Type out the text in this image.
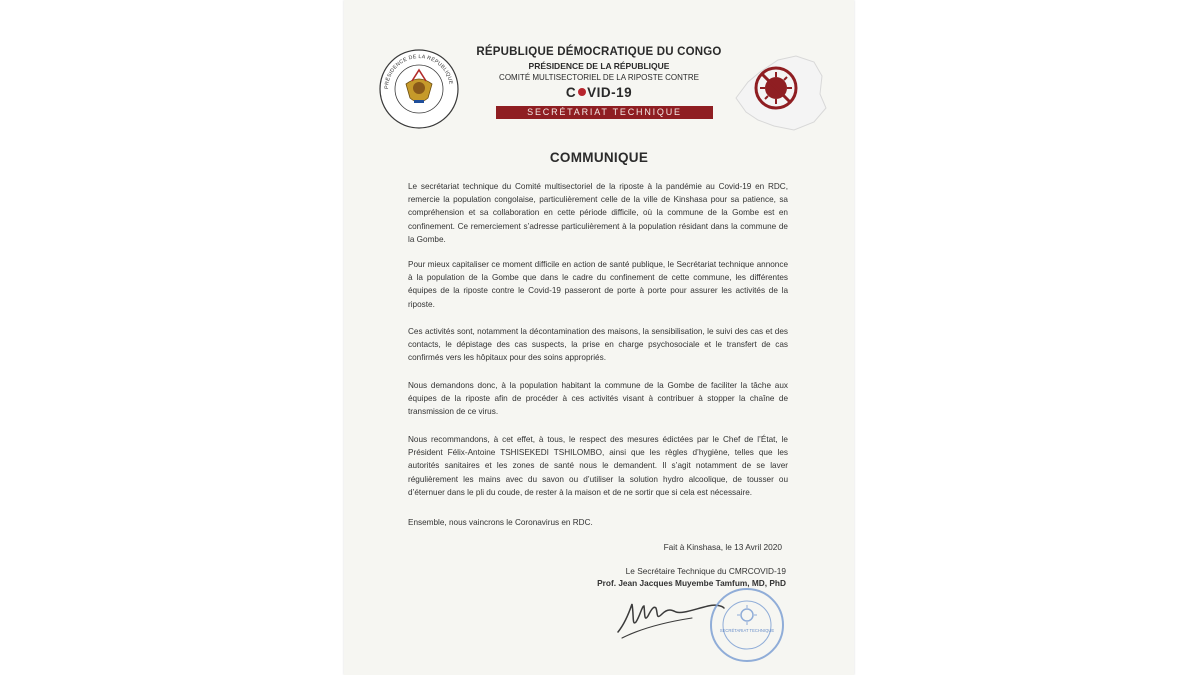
RÉPUBLIQUE DÉMOCRATIQUE DU CONGO
PRÉSIDENCE DE LA RÉPUBLIQUE
COMITÉ MULTISECTORIEL DE LA RIPOSTE CONTRE
C VID-19
SECRÉTARIAT TECHNIQUE
PRÉSIDENCE DE LA RÉPUBLIQUE
COMMUNIQUE
Le secrétariat technique du Comité multisectoriel de la riposte à la pandémie au Covid-19 en RDC, remercie la population congolaise, particulièrement celle de la ville de Kinshasa pour sa patience, sa compréhension et sa collaboration en cette période difficile, où la commune de la Gombe est en confinement. Ce remerciement s’adresse particulièrement à la population résidant dans la commune de la Gombe.
Pour mieux capitaliser ce moment difficile en action de santé publique, le Secrétariat technique annonce à la population de la Gombe que dans le cadre du confinement de cette commune, les différentes équipes de la riposte contre le Covid-19 passeront de porte à porte pour assurer les activités de la riposte.
Ces activités sont, notamment la décontamination des maisons, la sensibilisation, le suivi des cas et des contacts, le dépistage des cas suspects, la prise en charge psychosociale et le transfert de cas confirmés vers les hôpitaux pour des soins appropriés.
Nous demandons donc, à la population habitant la commune de la Gombe de faciliter la tâche aux équipes de la riposte afin de procéder à ces activités visant à contribuer à stopper la chaîne de transmission de ce virus.
Nous recommandons, à cet effet, à tous, le respect des mesures édictées par le Chef de l’État, le Président Félix-Antoine TSHISEKEDI TSHILOMBO, ainsi que les règles d’hygiène, telles que les autorités sanitaires et les zones de santé nous le demandent. Il s’agit notamment de se laver régulièrement les mains avec du savon ou d’utiliser la solution hydro alcoolique, de tousser ou d’éternuer dans le pli du coude, de rester à la maison et de ne sortir que si cela est nécessaire.
Ensemble, nous vaincrons le Coronavirus en RDC.
Fait à Kinshasa, le 13 Avril 2020
Le Secrétaire Technique du CMRCOVID-19
Prof. Jean Jacques Muyembe Tamfum, MD, PhD
SECRÉTARIAT TECHNIQUE
